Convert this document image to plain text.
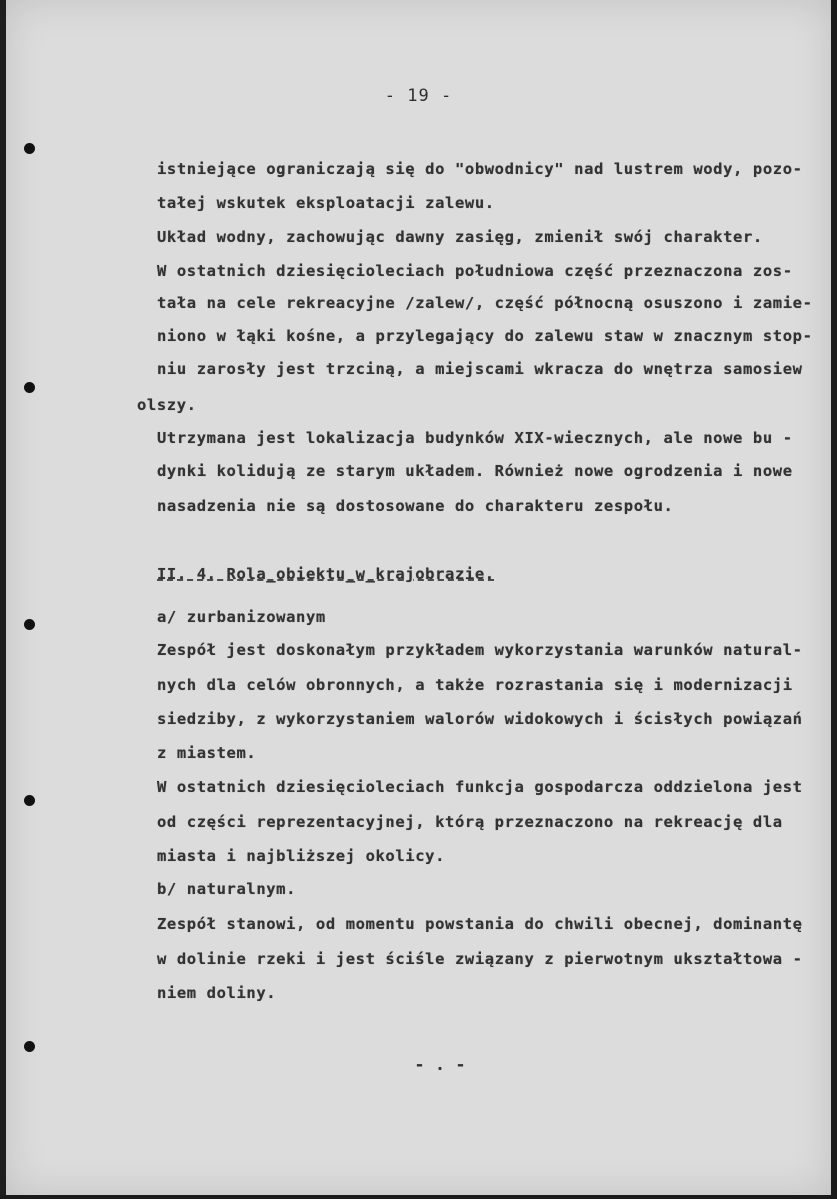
- 19 -
istniejące ograniczają się do "obwodnicy" nad lustrem wody, pozo-
tałej wskutek eksploatacji zalewu.
Układ wodny, zachowując dawny zasięg, zmienił swój charakter.
W ostatnich dziesięcioleciach południowa część przeznaczona zos-
tała na cele rekreacyjne /zalew/, część północną osuszono i zamie-
niono w łąki kośne, a przylegający do zalewu staw w znacznym stop-
niu zarosły jest trzciną, a miejscami wkracza do wnętrza samosiew
olszy.
Utrzymana jest lokalizacja budynków XIX-wiecznych, ale nowe bu -
dynki kolidują ze starym układem. Również nowe ogrodzenia i nowe
nasadzenia nie są dostosowane do charakteru zespołu.
II. 4. Rola_obiektu_w_krajobrazie.
a/ zurbanizowanym
Zespół jest doskonałym przykładem wykorzystania warunków natural-
nych dla celów obronnych, a także rozrastania się i modernizacji
siedziby, z wykorzystaniem walorów widokowych i ścisłych powiązań
z miastem.
W ostatnich dziesięcioleciach funkcja gospodarcza oddzielona jest
od części reprezentacyjnej, którą przeznaczono na rekreację dla
miasta i najbliższej okolicy.
b/ naturalnym.
Zespół stanowi, od momentu powstania do chwili obecnej, dominantę
w dolinie rzeki i jest ściśle związany z pierwotnym ukształtowa -
niem doliny.
- . -
